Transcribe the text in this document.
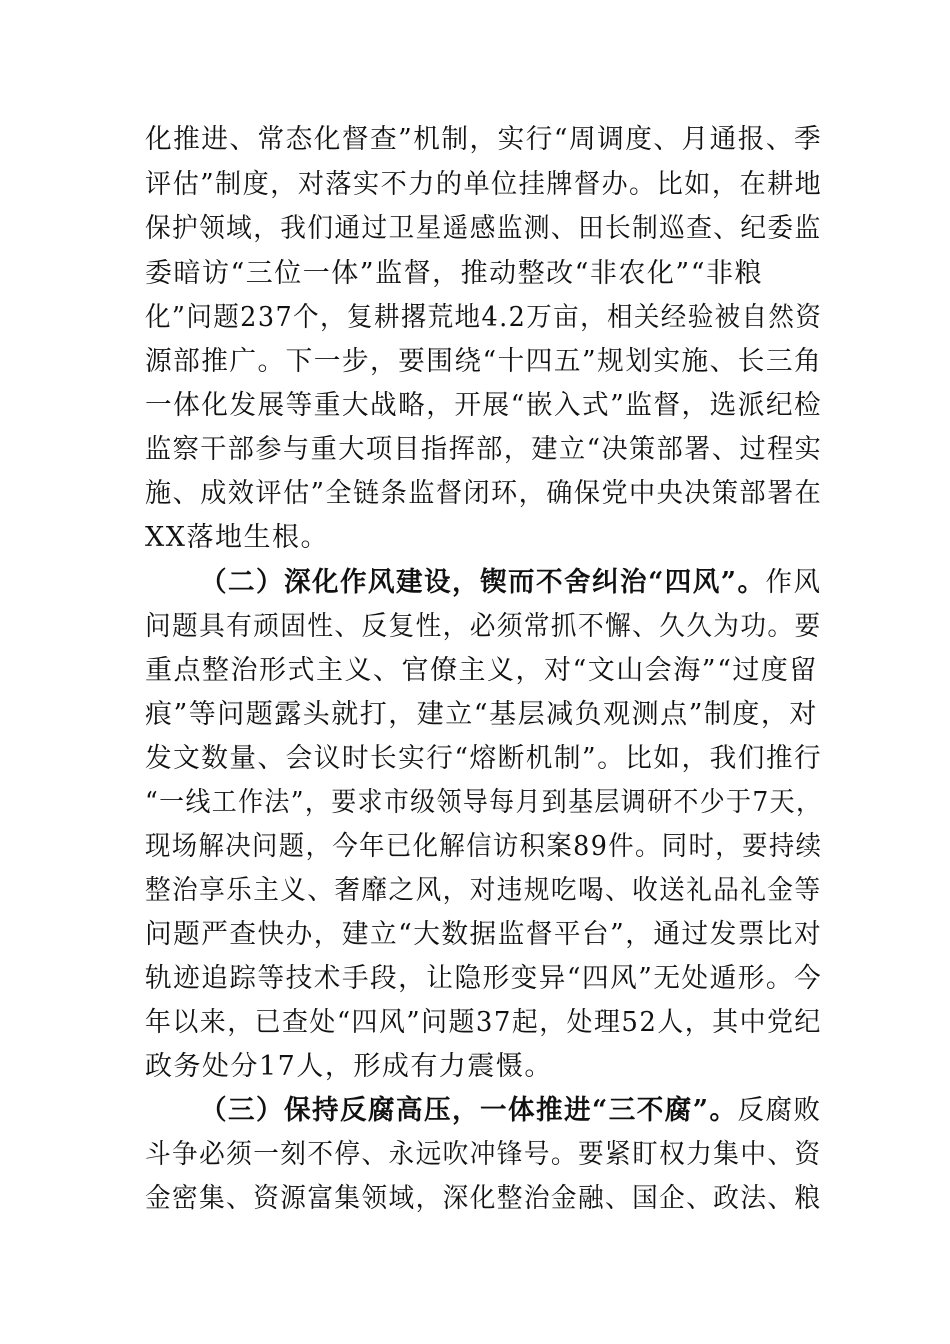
化推进、常态化督查”机制，实行“周调度、月通报、季
评估”制度，对落实不力的单位挂牌督办。比如，在耕地
保护领域，我们通过卫星遥感监测、田长制巡查、纪委监
委暗访“三位一体”监督，推动整改“非农化”“非粮
化”问题237个，复耕撂荒地4.2万亩，相关经验被自然资
源部推广。下一步，要围绕“十四五”规划实施、长三角
一体化发展等重大战略，开展“嵌入式”监督，选派纪检
监察干部参与重大项目指挥部，建立“决策部署、过程实
施、成效评估”全链条监督闭环，确保党中央决策部署在
XX落地生根。
（二）深化作风建设，锲而不舍纠治“四风”。作风
问题具有顽固性、反复性，必须常抓不懈、久久为功。要
重点整治形式主义、官僚主义，对“文山会海”“过度留
痕”等问题露头就打，建立“基层减负观测点”制度，对
发文数量、会议时长实行“熔断机制”。比如，我们推行
“一线工作法”，要求市级领导每月到基层调研不少于7天，
现场解决问题，今年已化解信访积案89件。同时，要持续
整治享乐主义、奢靡之风，对违规吃喝、收送礼品礼金等
问题严查快办，建立“大数据监督平台”，通过发票比对
轨迹追踪等技术手段，让隐形变异“四风”无处遁形。今
年以来，已查处“四风”问题37起，处理52人，其中党纪
政务处分17人，形成有力震慑。
（三）保持反腐高压，一体推进“三不腐”。反腐败
斗争必须一刻不停、永远吹冲锋号。要紧盯权力集中、资
金密集、资源富集领域，深化整治金融、国企、政法、粮
